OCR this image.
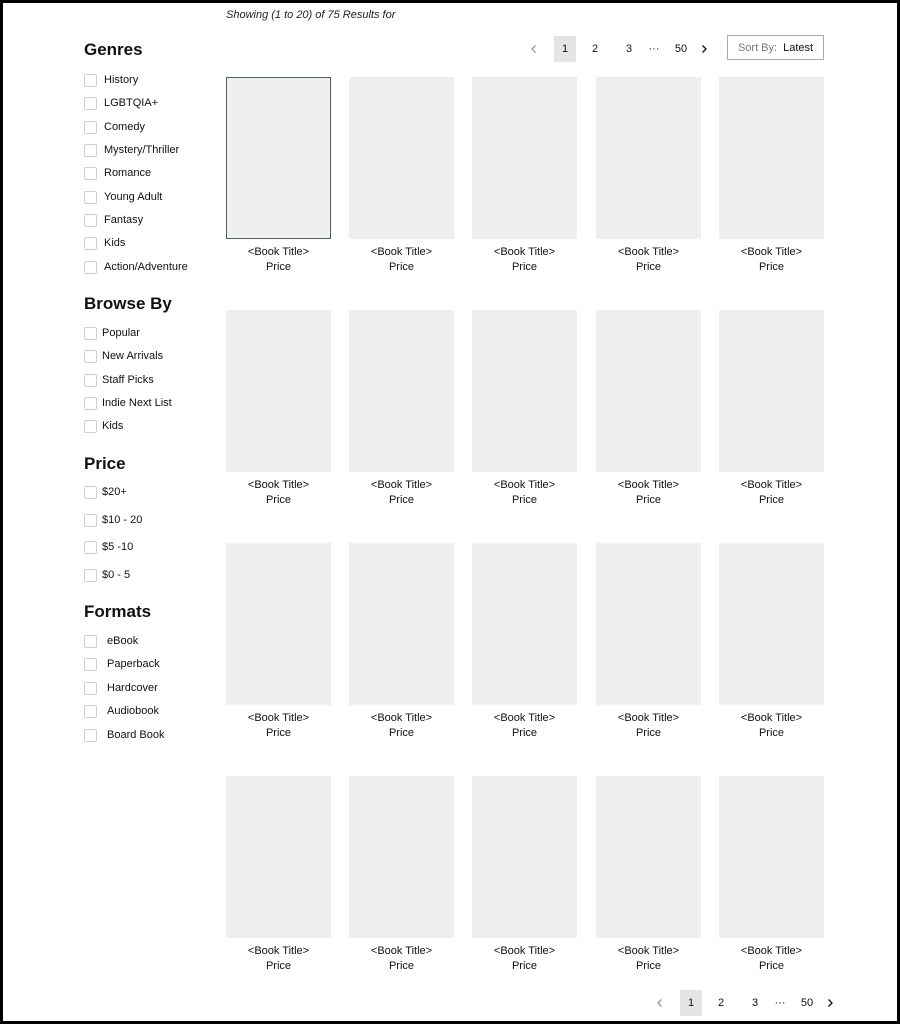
Showing (1 to 20) of 75 Results for
Genres
History
LGBTQIA+
Comedy
Mystery/Thriller
Romance
Young Adult
Fantasy
Kids
Action/Adventure
Browse By
Popular
New Arrivals
Staff Picks
Indie Next List
Kids
Price
$20+
$10 - 20
$5 -10
$0 - 5
Formats
eBook
Paperback
Hardcover
Audiobook
Board Book
1	2	3	···	50	Sort By: Latest
<Book Title>
Price
<Book Title>
Price
<Book Title>
Price
<Book Title>
Price
<Book Title>
Price
<Book Title>
Price
<Book Title>
Price
<Book Title>
Price
<Book Title>
Price
<Book Title>
Price
<Book Title>
Price
<Book Title>
Price
<Book Title>
Price
<Book Title>
Price
<Book Title>
Price
<Book Title>
Price
<Book Title>
Price
<Book Title>
Price
<Book Title>
Price
<Book Title>
Price
1	2	3	···	50
